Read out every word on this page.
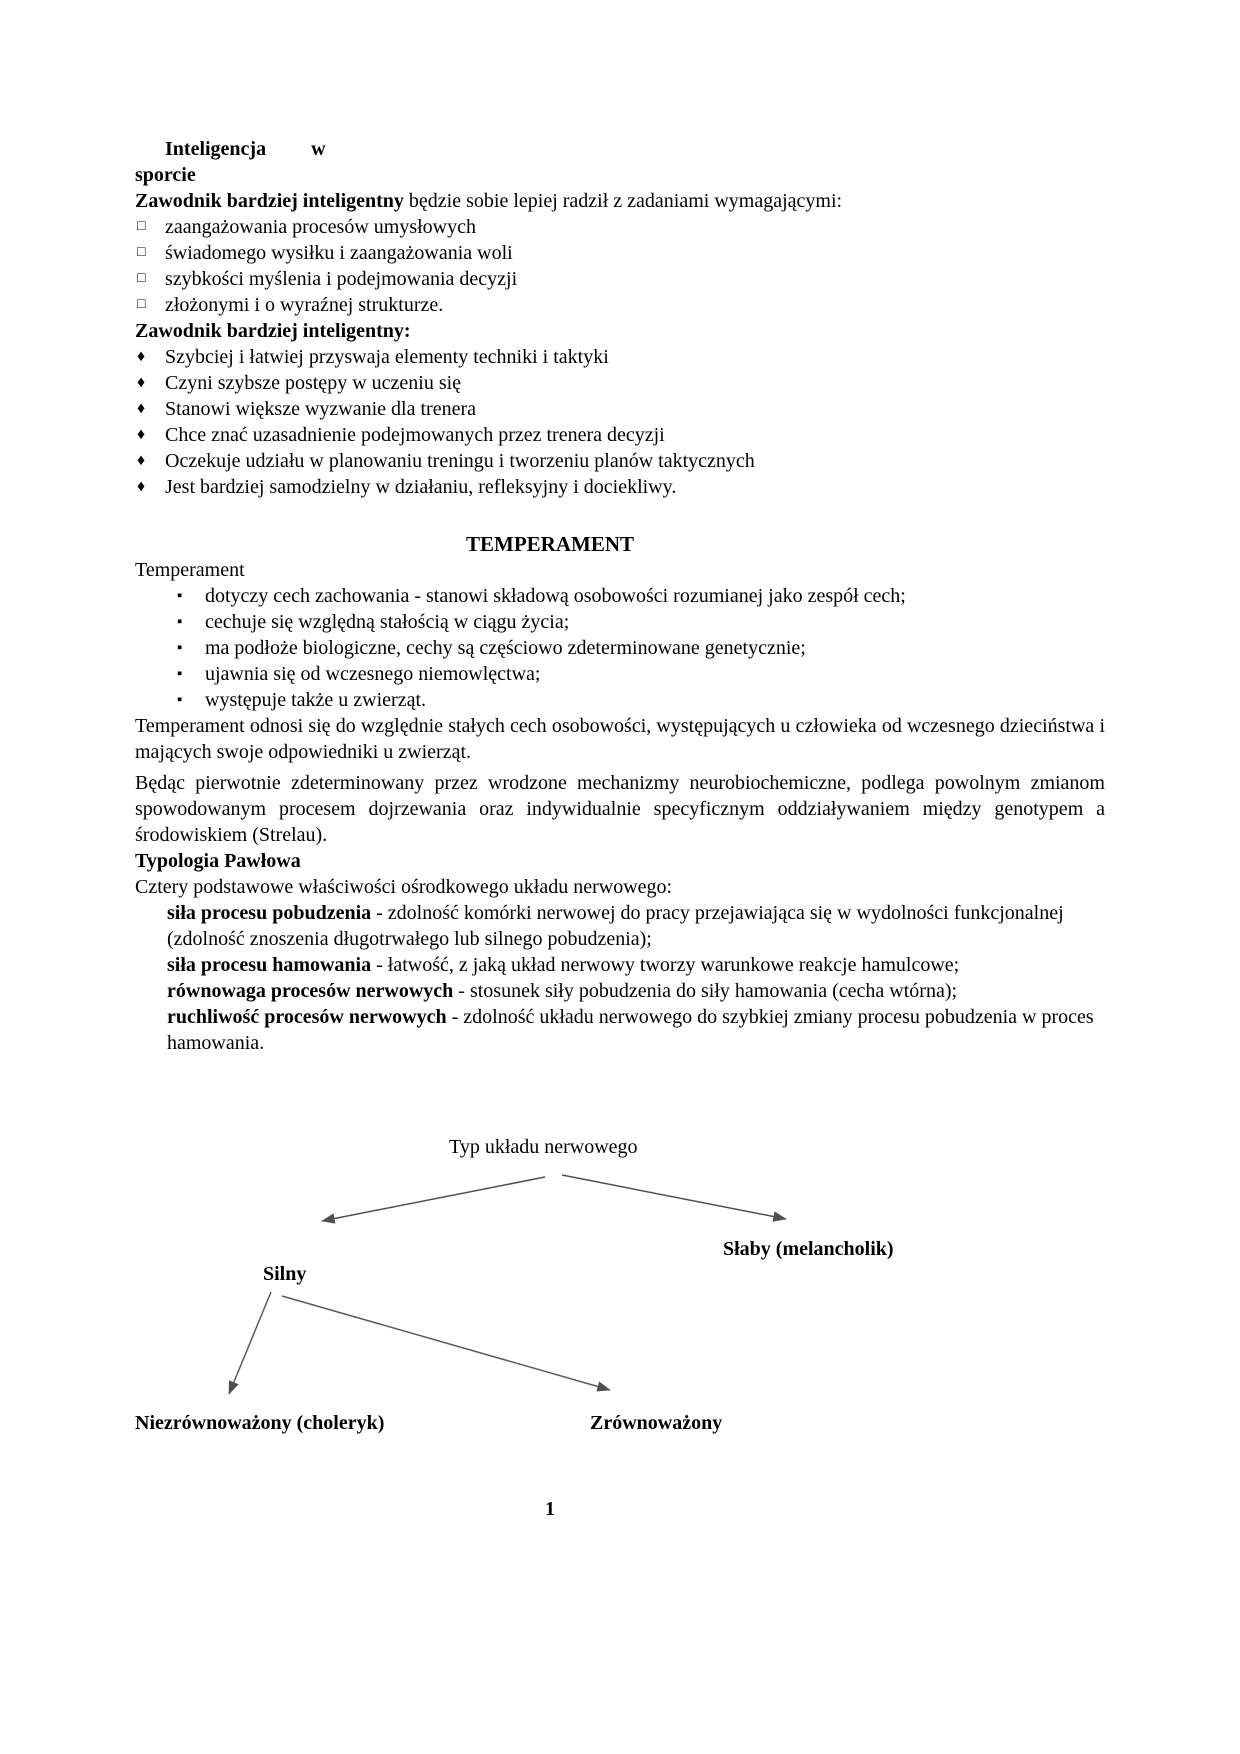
Inteligencja w
sporcie

Zawodnik bardziej inteligentny będzie sobie lepiej radził z zadaniami wymagającymi:

□ zaangażowania procesów umysłowych
□ świadomego wysiłku i zaangażowania woli
□ szybkości myślenia i podejmowania decyzji
□ złożonymi i o wyraźnej strukturze.

Zawodnik bardziej inteligentny:

♦ Szybciej i łatwiej przyswaja elementy techniki i taktyki
♦ Czyni szybsze postępy w uczeniu się
♦ Stanowi większe wyzwanie dla trenera
♦ Chce znać uzasadnienie podejmowanych przez trenera decyzji
♦ Oczekuje udziału w planowaniu treningu i tworzeniu planów taktycznych
♦ Jest bardziej samodzielny w działaniu, refleksyjny i dociekliwy.
TEMPERAMENT

Temperament

▪ dotyczy cech zachowania - stanowi składową osobowości rozumianej jako zespół cech;
▪ cechuje się względną stałością w ciągu życia;
▪ ma podłoże biologiczne, cechy są częściowo zdeterminowane genetycznie;
▪ ujawnia się od wczesnego niemowlęctwa;
▪ występuje także u zwierząt.

Temperament odnosi się do względnie stałych cech osobowości, występujących u człowieka od wczesnego dzieciństwa i mających swoje odpowiedniki u zwierząt.

Będąc pierwotnie zdeterminowany przez wrodzone mechanizmy neurobiochemiczne, podlega powolnym zmianom spowodowanym procesem dojrzewania oraz indywidualnie specyficznym oddziaływaniem między genotypem a środowiskiem (Strelau).

Typologia Pawłowa

Cztery podstawowe właściwości ośrodkowego układu nerwowego:

siła procesu pobudzenia - zdolność komórki nerwowej do pracy przejawiająca się w wydolności funkcjonalnej (zdolność znoszenia długotrwałego lub silnego pobudzenia);

siła procesu hamowania - łatwość, z jaką układ nerwowy tworzy warunkowe reakcje hamulcowe;

równowaga procesów nerwowych - stosunek siły pobudzenia do siły hamowania (cecha wtórna);

ruchliwość procesów nerwowych - zdolność układu nerwowego do szybkiej zmiany procesu pobudzenia w proces hamowania.

Typ układu nerwowego
Słaby (melancholik)
Silny
Niezrównoważony (choleryk)	Zrównoważony
1
